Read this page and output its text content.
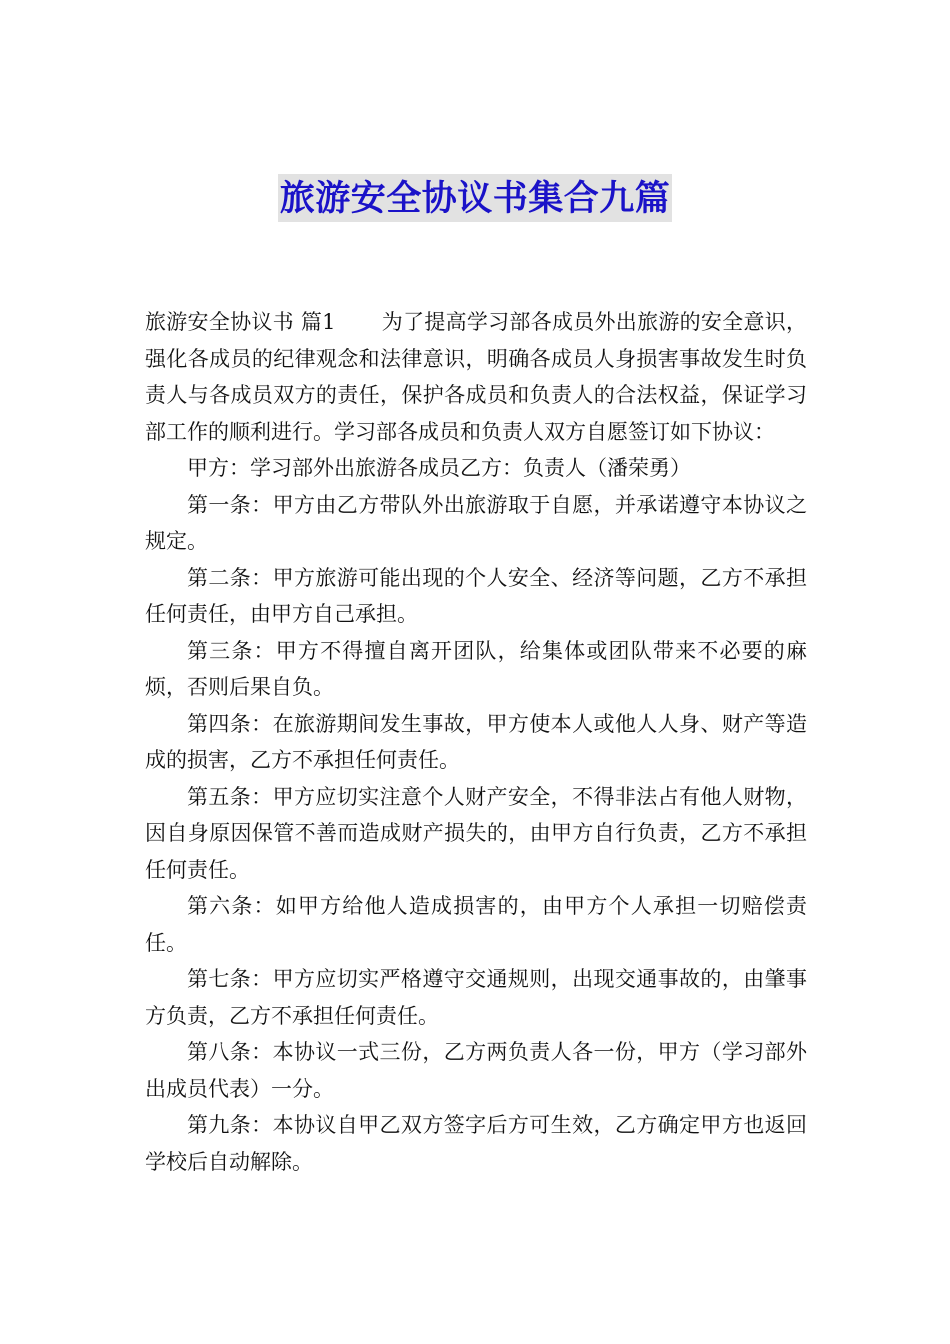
旅游安全协议书集合九篇

旅游安全协议书 篇1 为了提高学习部各成员外出旅游的安全意识，强化各成员的纪律观念和法律意识，明确各成员人身损害事故发生时负责人与各成员双方的责任，保护各成员和负责人的合法权益，保证学习部工作的顺利进行。学习部各成员和负责人双方自愿签订如下协议：

甲方：学习部外出旅游各成员乙方：负责人（潘荣勇）

第一条：甲方由乙方带队外出旅游取于自愿，并承诺遵守本协议之规定。

第二条：甲方旅游可能出现的个人安全、经济等问题，乙方不承担任何责任，由甲方自己承担。

第三条：甲方不得擅自离开团队，给集体或团队带来不必要的麻烦，否则后果自负。

第四条：在旅游期间发生事故，甲方使本人或他人人身、财产等造成的损害，乙方不承担任何责任。

第五条：甲方应切实注意个人财产安全，不得非法占有他人财物，因自身原因保管不善而造成财产损失的，由甲方自行负责，乙方不承担任何责任。

第六条：如甲方给他人造成损害的，由甲方个人承担一切赔偿责任。

第七条：甲方应切实严格遵守交通规则，出现交通事故的，由肇事方负责，乙方不承担任何责任。

第八条：本协议一式三份，乙方两负责人各一份，甲方（学习部外出成员代表）一分。

第九条：本协议自甲乙双方签字后方可生效，乙方确定甲方也返回学校后自动解除。
